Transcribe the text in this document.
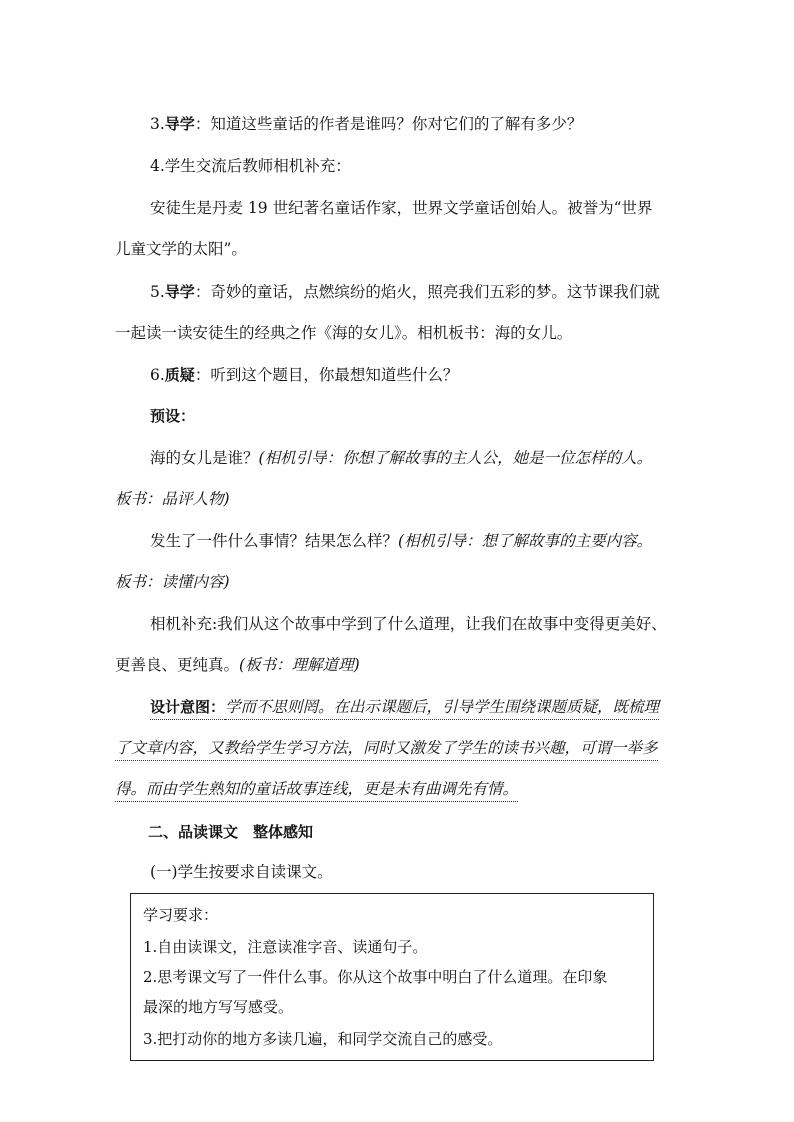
3.导学：知道这些童话的作者是谁吗？你对它们的了解有多少？
4.学生交流后教师相机补充：
安徒生是丹麦 19 世纪著名童话作家，世界文学童话创始人。被誉为“世界
儿童文学的太阳”。
5.导学：奇妙的童话，点燃缤纷的焰火，照亮我们五彩的梦。这节课我们就
一起读一读安徒生的经典之作《海的女儿》。相机板书：海的女儿。
6.质疑：听到这个题目，你最想知道些什么？
预设：
海的女儿是谁？(相机引导：你想了解故事的主人公，她是一位怎样的人。
板书：品评人物)
发生了一件什么事情？结果怎么样？(相机引导：想了解故事的主要内容。
板书：读懂内容)
相机补充:我们从这个故事中学到了什么道理，让我们在故事中变得更美好、
更善良、更纯真。(板书：理解道理)
设计意图：学而不思则罔。在出示课题后，引导学生围绕课题质疑，既梳理
了文章内容，又教给学生学习方法，同时又激发了学生的读书兴趣，可谓一举多
得。而由学生熟知的童话故事连线，更是未有曲调先有情。
二、品读课文　整体感知
(一)学生按要求自读课文。
学习要求：
1.自由读课文，注意读准字音、读通句子。
2.思考课文写了一件什么事。你从这个故事中明白了什么道理。在印象
最深的地方写写感受。
3.把打动你的地方多读几遍，和同学交流自己的感受。
